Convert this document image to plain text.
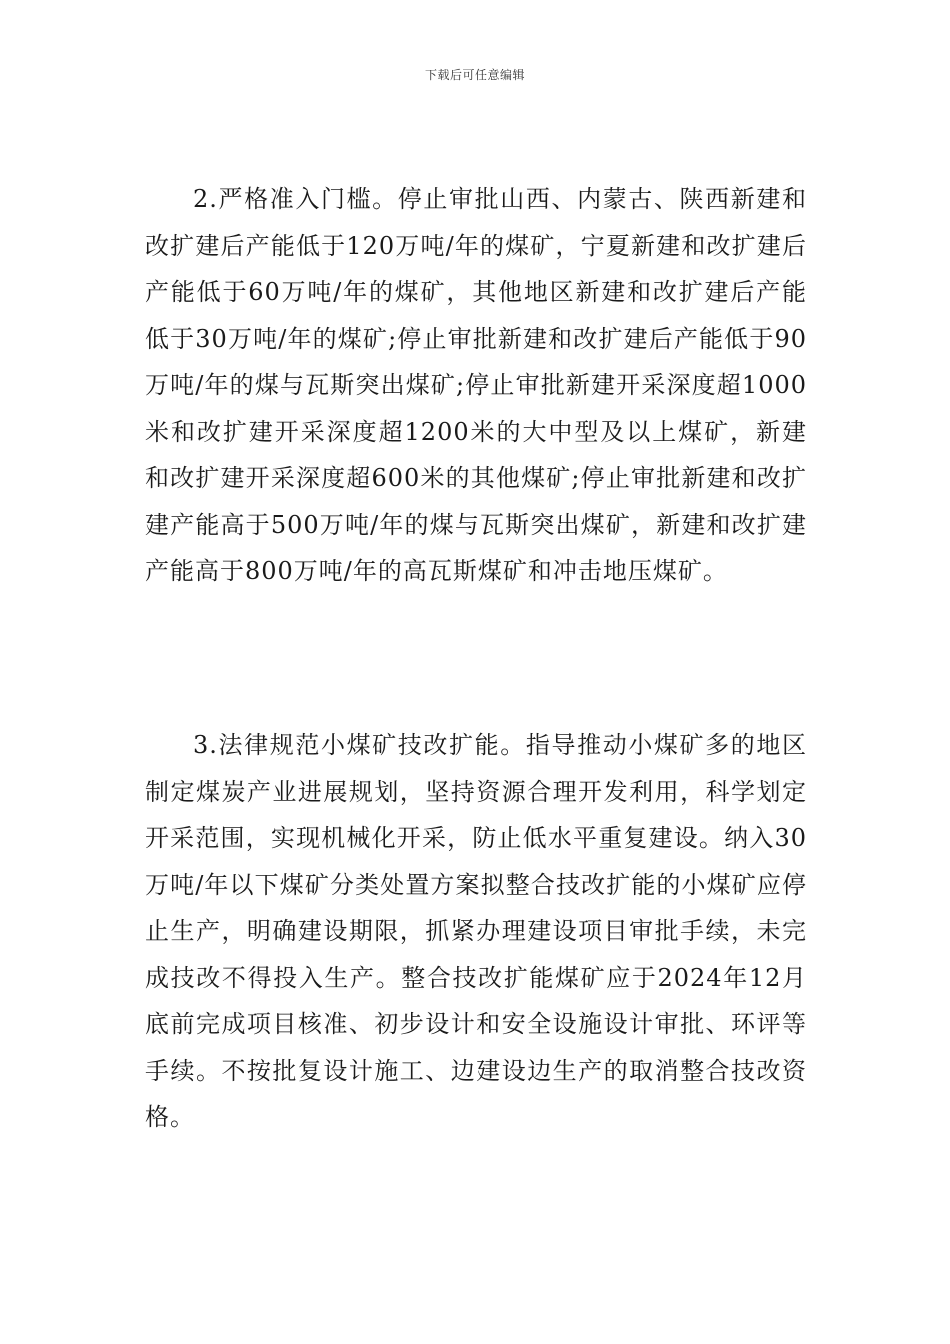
下载后可任意编辑

2.严格准入门槛。停止审批山西、内蒙古、陕西新建和改扩建后产能低于120万吨/年的煤矿，宁夏新建和改扩建后产能低于60万吨/年的煤矿，其他地区新建和改扩建后产能低于30万吨/年的煤矿;停止审批新建和改扩建后产能低于90万吨/年的煤与瓦斯突出煤矿;停止审批新建开采深度超1000米和改扩建开采深度超1200米的大中型及以上煤矿，新建和改扩建开采深度超600米的其他煤矿;停止审批新建和改扩建产能高于500万吨/年的煤与瓦斯突出煤矿，新建和改扩建产能高于800万吨/年的高瓦斯煤矿和冲击地压煤矿。

3.法律规范小煤矿技改扩能。指导推动小煤矿多的地区制定煤炭产业进展规划，坚持资源合理开发利用，科学划定开采范围，实现机械化开采，防止低水平重复建设。纳入30万吨/年以下煤矿分类处置方案拟整合技改扩能的小煤矿应停止生产，明确建设期限，抓紧办理建设项目审批手续，未完成技改不得投入生产。整合技改扩能煤矿应于2024年12月底前完成项目核准、初步设计和安全设施设计审批、环评等手续。不按批复设计施工、边建设边生产的取消整合技改资格。
